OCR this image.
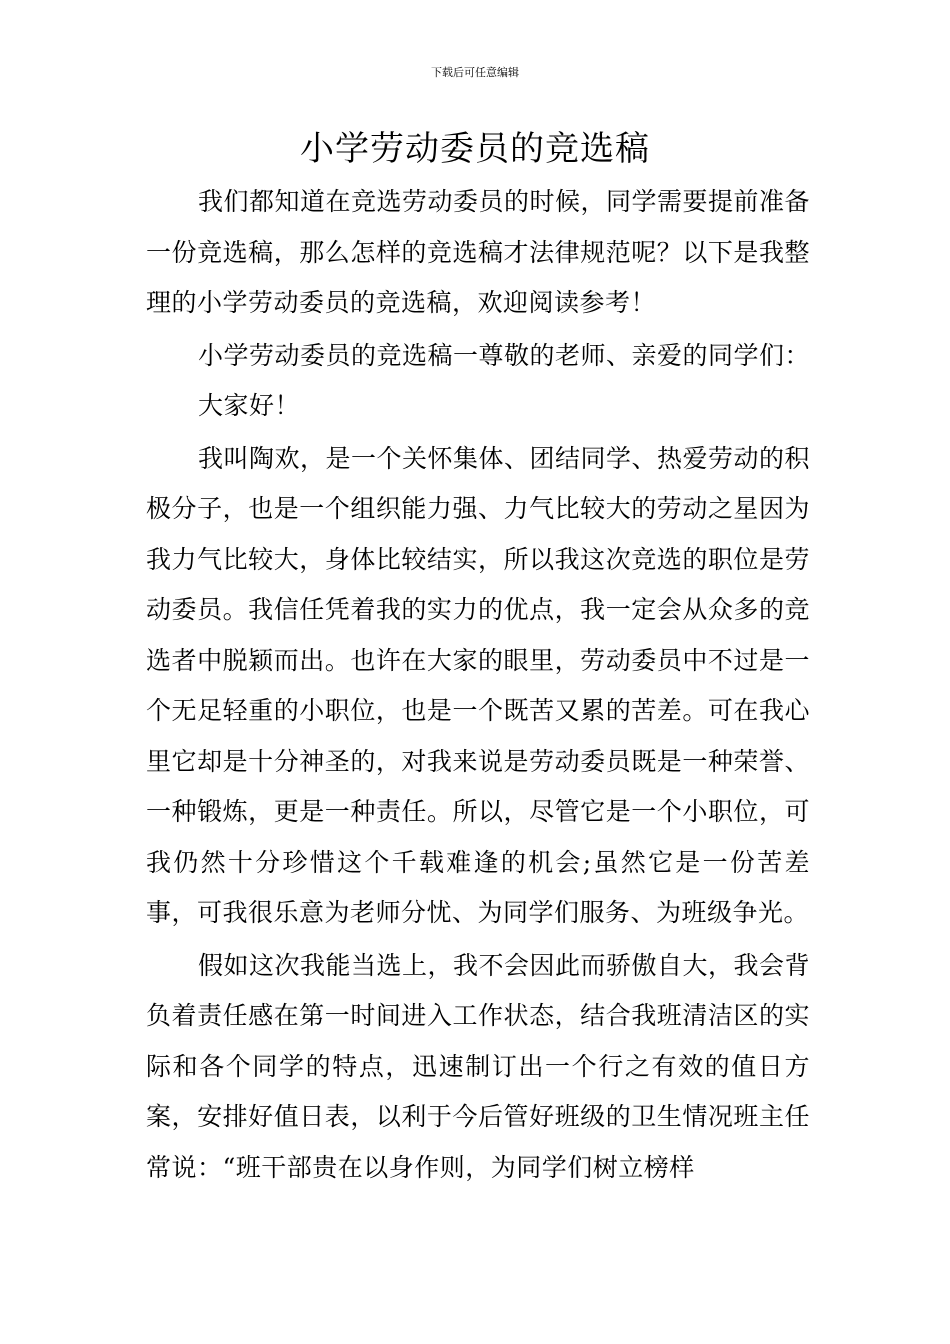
下载后可任意编辑
小学劳动委员的竞选稿

我们都知道在竞选劳动委员的时候，同学需要提前准备一份竞选稿，那么怎样的竞选稿才法律规范呢？以下是我整理的小学劳动委员的竞选稿，欢迎阅读参考！

小学劳动委员的竞选稿一尊敬的老师、亲爱的同学们：

大家好！

我叫陶欢，是一个关怀集体、团结同学、热爱劳动的积极分子，也是一个组织能力强、力气比较大的劳动之星因为我力气比较大，身体比较结实，所以我这次竞选的职位是劳动委员。我信任凭着我的实力的优点，我一定会从众多的竞选者中脱颖而出。也许在大家的眼里，劳动委员中不过是一个无足轻重的小职位，也是一个既苦又累的苦差。可在我心里它却是十分神圣的，对我来说是劳动委员既是一种荣誉、一种锻炼，更是一种责任。所以，尽管它是一个小职位，可我仍然十分珍惜这个千载难逢的机会;虽然它是一份苦差事，可我很乐意为老师分忧、为同学们服务、为班级争光。

假如这次我能当选上，我不会因此而骄傲自大，我会背负着责任感在第一时间进入工作状态，结合我班清洁区的实际和各个同学的特点，迅速制订出一个行之有效的值日方案，安排好值日表，以利于今后管好班级的卫生情况班主任常说：“班干部贵在以身作则，为同学们树立榜样
